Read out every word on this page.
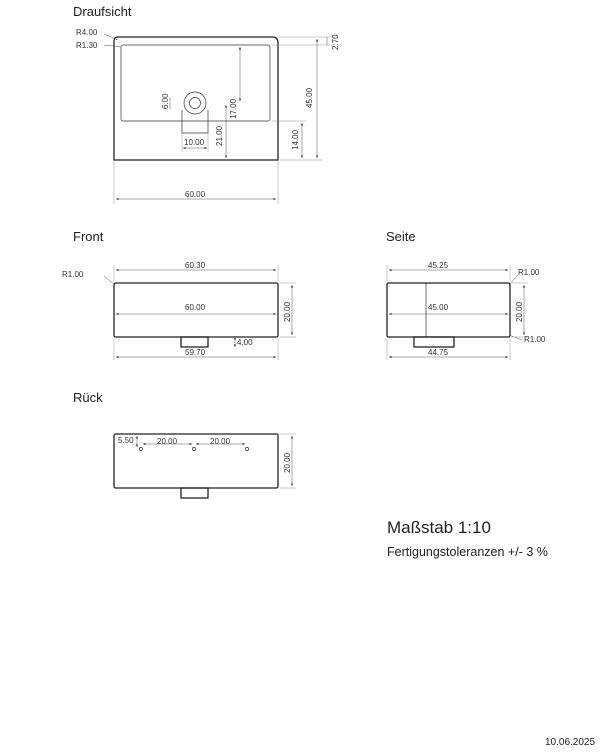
Draufsicht
R4.00
R1.30	2.70
45.00
14.00
6.00	17.00
21.00
10.00
60.00
Front
R1.00
60.30
60.00
59.70
20.00
4.00
Seite
R1.00
R1.00
45.25
45.00
44.75
20.00
Rück
5.50	20.00	20.00
20.00
Maßstab 1:10
Fertigungstoleranzen +/- 3 %
10.06.2025
